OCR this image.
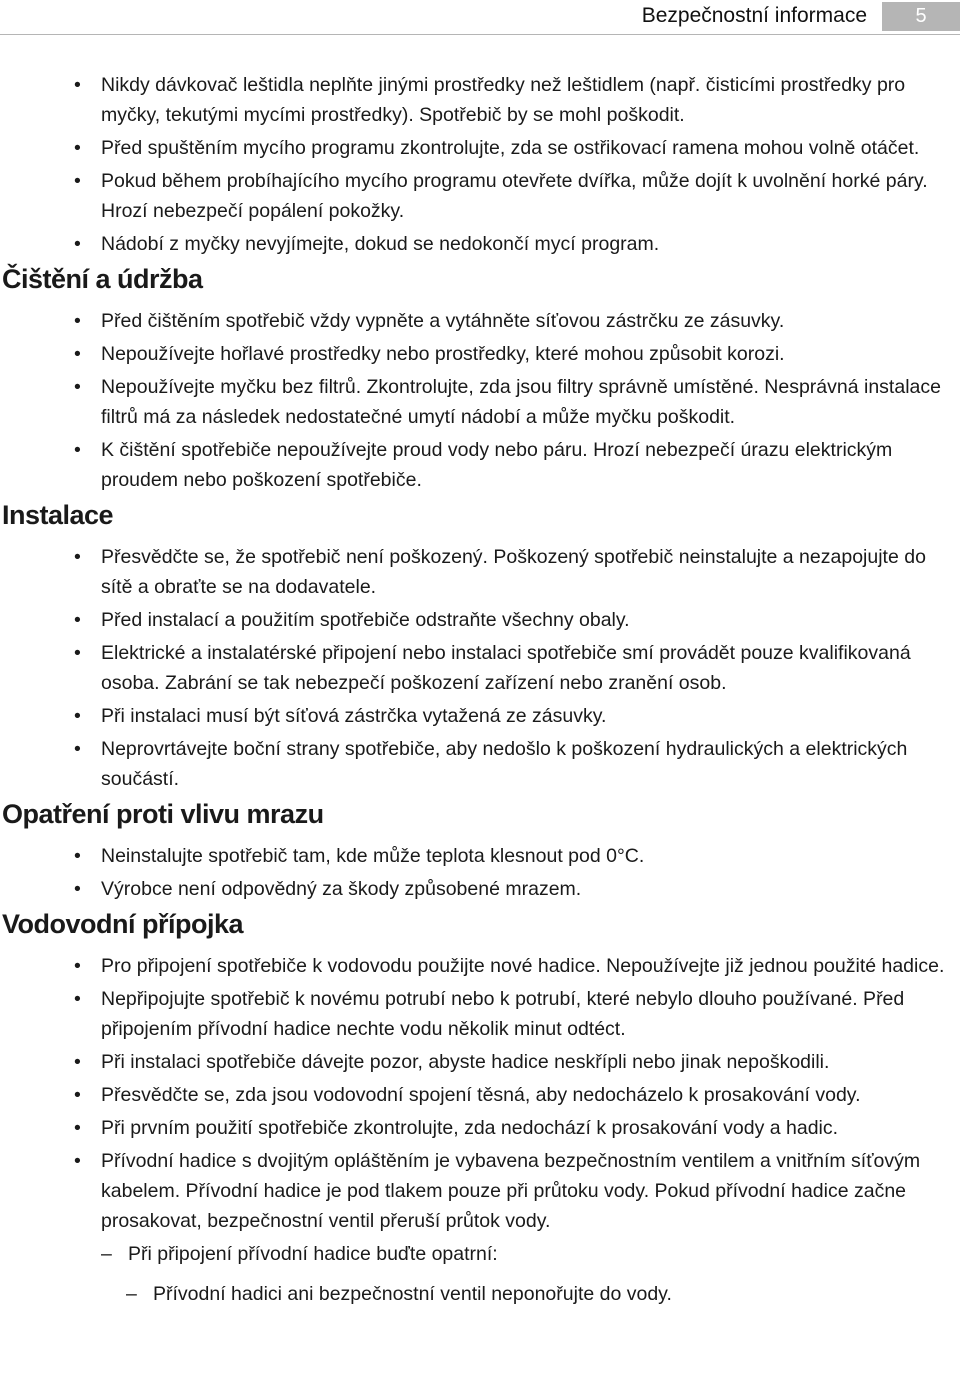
Bezpečnostní informace	5
• Nikdy dávkovač leštidla neplňte jinými prostředky než leštidlem (např. čisticími prostředky pro myčky, tekutými mycími prostředky). Spotřebič by se mohl poškodit.
• Před spuštěním mycího programu zkontrolujte, zda se ostřikovací ramena mohou volně otáčet.
• Pokud během probíhajícího mycího programu otevřete dvířka, může dojít k uvolnění horké páry. Hrozí nebezpečí popálení pokožky.
• Nádobí z myčky nevyjímejte, dokud se nedokončí mycí program.
Čištění a údržba
• Před čištěním spotřebič vždy vypněte a vytáhněte síťovou zástrčku ze zásuvky.
• Nepoužívejte hořlavé prostředky nebo prostředky, které mohou způsobit korozi.
• Nepoužívejte myčku bez filtrů. Zkontrolujte, zda jsou filtry správně umístěné. Nesprávná instalace filtrů má za následek nedostatečné umytí nádobí a může myčku poškodit.
• K čištění spotřebiče nepoužívejte proud vody nebo páru. Hrozí nebezpečí úrazu elektrickým proudem nebo poškození spotřebiče.
Instalace
• Přesvědčte se, že spotřebič není poškozený. Poškozený spotřebič neinstalujte a nezapojujte do sítě a obraťte se na dodavatele.
• Před instalací a použitím spotřebiče odstraňte všechny obaly.
• Elektrické a instalatérské připojení nebo instalaci spotřebiče smí provádět pouze kvalifikovaná osoba. Zabrání se tak nebezpečí poškození zařízení nebo zranění osob.
• Při instalaci musí být síťová zástrčka vytažená ze zásuvky.
• Neprovrtávejte boční strany spotřebiče, aby nedošlo k poškození hydraulických a elektrických součástí.
Opatření proti vlivu mrazu
• Neinstalujte spotřebič tam, kde může teplota klesnout pod 0°C.
• Výrobce není odpovědný za škody způsobené mrazem.
Vodovodní přípojka
• Pro připojení spotřebiče k vodovodu použijte nové hadice. Nepoužívejte již jednou použité hadice.
• Nepřipojujte spotřebič k novému potrubí nebo k potrubí, které nebylo dlouho používané. Před připojením přívodní hadice nechte vodu několik minut odtéct.
• Při instalaci spotřebiče dávejte pozor, abyste hadice neskřípli nebo jinak nepoškodili.
• Přesvědčte se, zda jsou vodovodní spojení těsná, aby nedocházelo k prosakování vody.
• Při prvním použití spotřebiče zkontrolujte, zda nedochází k prosakování vody a hadic.
• Přívodní hadice s dvojitým opláštěním je vybavena bezpečnostním ventilem a vnitřním síťovým kabelem. Přívodní hadice je pod tlakem pouze při průtoku vody. Pokud přívodní hadice začne prosakovat, bezpečnostní ventil přeruší průtok vody.
– Při připojení přívodní hadice buďte opatrní:
– Přívodní hadici ani bezpečnostní ventil neponořujte do vody.
